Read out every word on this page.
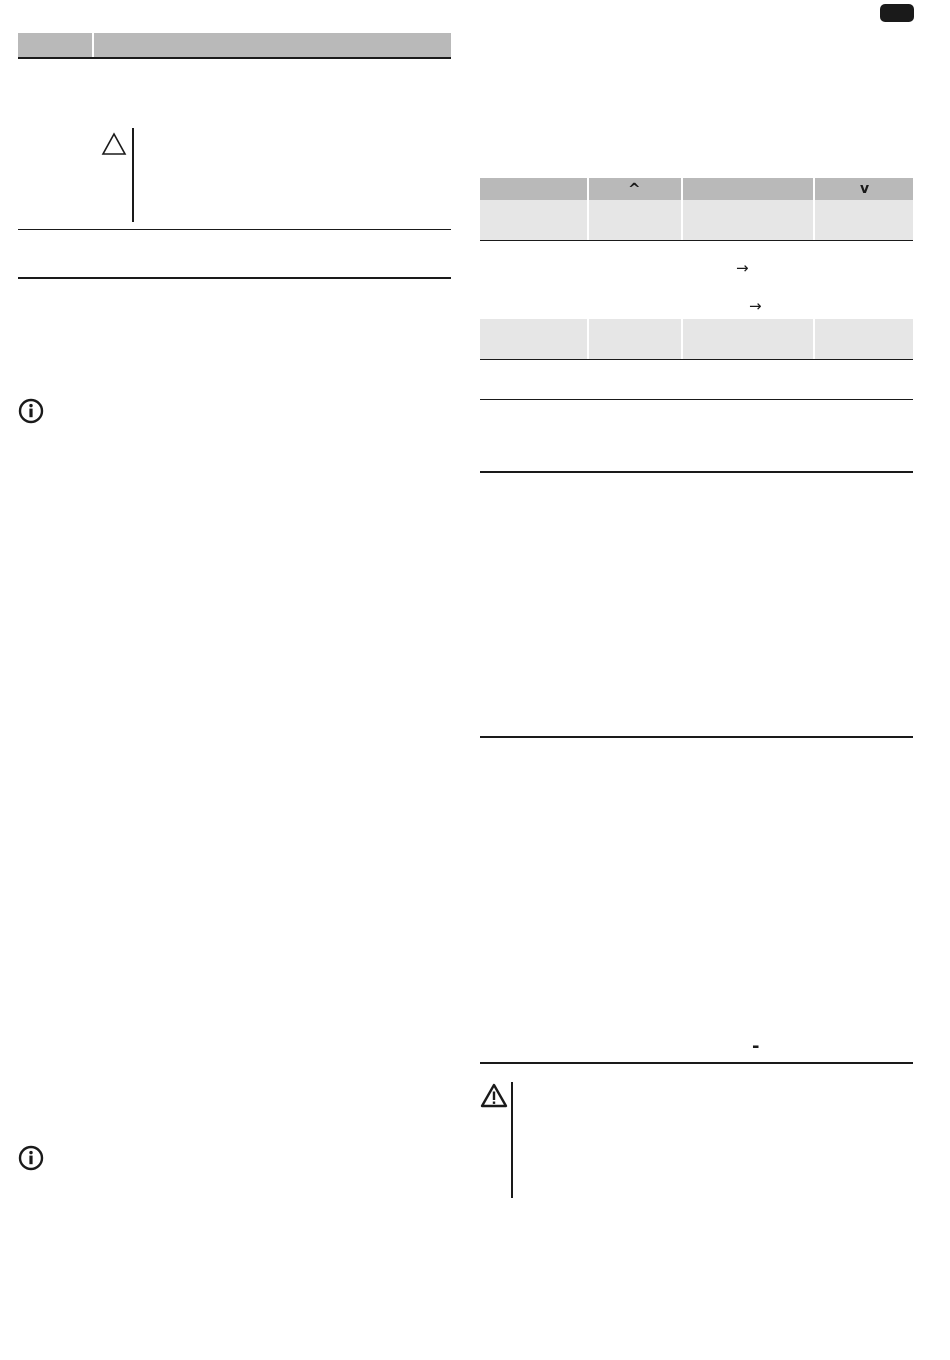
^	v
→
→
-
